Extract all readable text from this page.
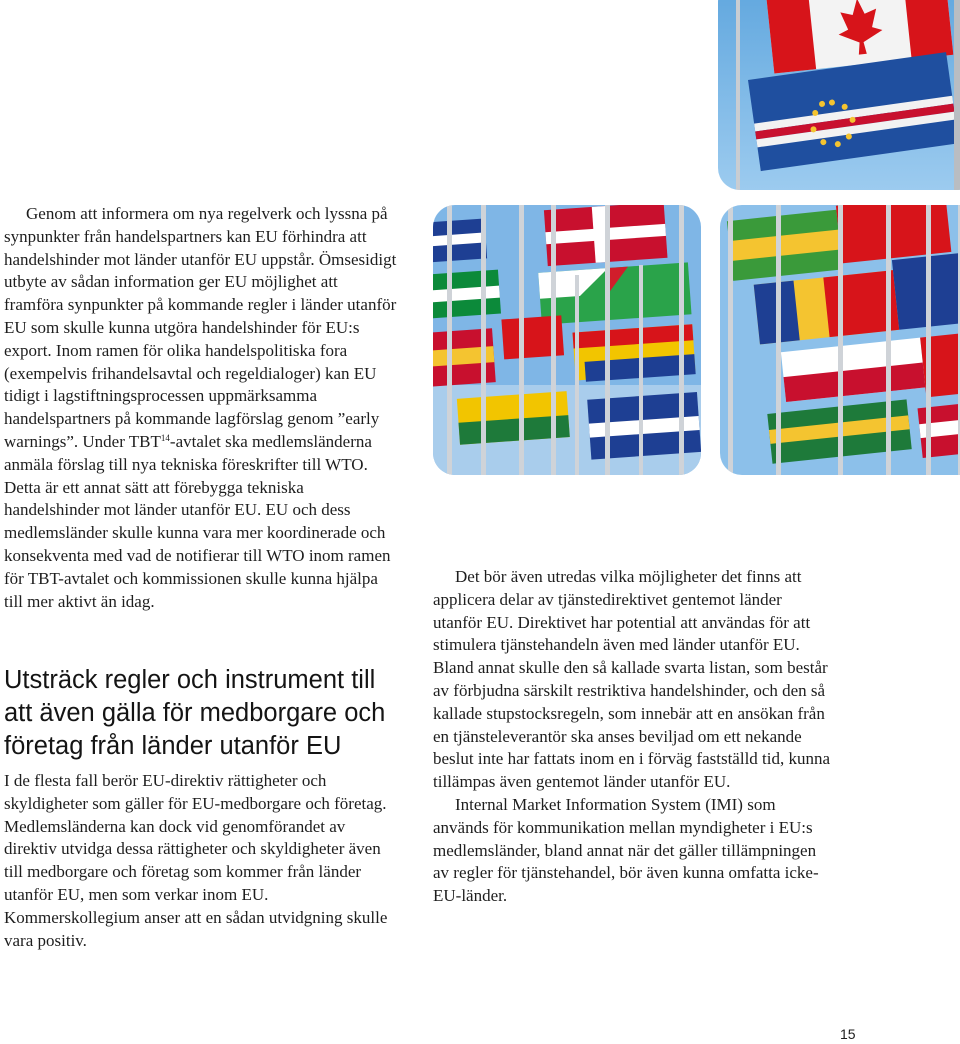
Genom att informera om nya regelverk och lyssna på synpunkter från handelspartners kan EU förhindra att handelshinder mot länder utanför EU uppstår. Ömsesidigt utbyte av sådan information ger EU möjlighet att framföra synpunkter på kommande regler i länder utanför EU som skulle kunna utgöra handelshinder för EU:s export. Inom ramen för olika handelspolitiska fora (exempelvis frihandelsavtal och regeldialoger) kan EU tidigt i lagstiftningsprocessen uppmärksamma handelspartners på kommande lagförslag genom ”early warnings”. Under TBT$^{14}$-avtalet ska medlemsländerna anmäla förslag till nya tekniska föreskrifter till WTO. Detta är ett annat sätt att förebygga tekniska handelshinder mot länder utanför EU. EU och dess medlemsländer skulle kunna vara mer koordinerade och konsekventa med vad de notifierar till WTO inom ramen för TBT-avtalet och kommissionen skulle kunna hjälpa till mer aktivt än idag.

Utsträck regler och instrument till att även gälla för medborgare och företag från länder utanför EU

I de flesta fall berör EU-direktiv rättigheter och skyldigheter som gäller för EU-medborgare och företag. Medlemsländerna kan dock vid genomförandet av direktiv utvidga dessa rättigheter och skyldigheter även till medborgare och företag som kommer från länder utanför EU, men som verkar inom EU. Kommerskollegium anser att en sådan utvidgning skulle vara positiv.

Det bör även utredas vilka möjligheter det finns att applicera delar av tjänstedirektivet gentemot länder utanför EU. Direktivet har potential att användas för att stimulera tjänstehandeln även med länder utanför EU. Bland annat skulle den så kallade svarta listan, som består av förbjudna särskilt restriktiva handelshinder, och den så kallade stupstocksregeln, som innebär att en ansökan från en tjänsteleverantör ska anses beviljad om ett nekande beslut inte har fattats inom en i förväg fastställd tid, kunna tillämpas även gentemot länder utanför EU.

Internal Market Information System (IMI) som används för kommunikation mellan myndigheter i EU:s medlemsländer, bland annat när det gäller tillämpningen av regler för tjänstehandel, bör även kunna omfatta icke-EU-länder.

15
